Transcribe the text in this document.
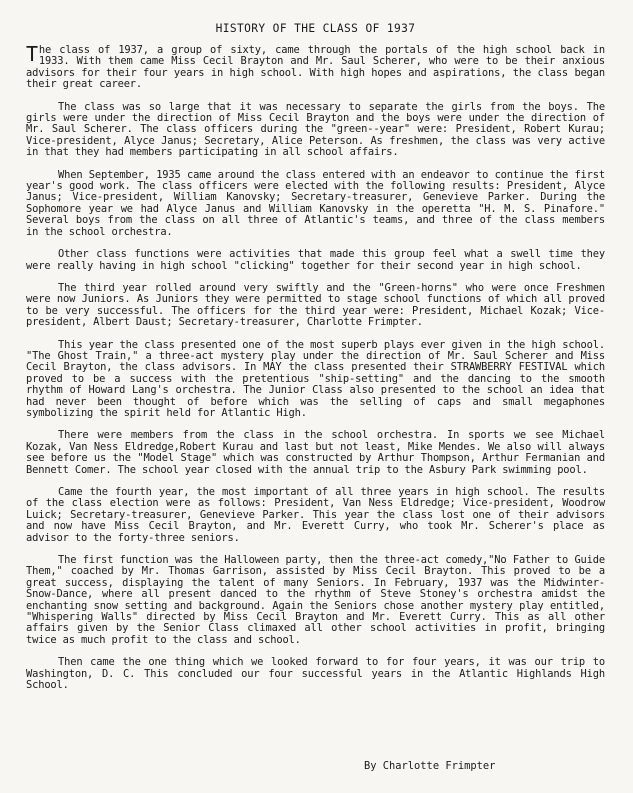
HISTORY OF THE CLASS OF 1937

The class of 1937, a group of sixty, came through the portals of the high school back in 1933. With them came Miss Cecil Brayton and Mr. Saul Scherer, who were to be their anxious advisors for their four years in high school. With high hopes and aspirations, the class began their great career.

The class was so large that it was necessary to separate the girls from the boys. The girls were under the direction of Miss Cecil Brayton and the boys were under the direction of Mr. Saul Scherer. The class officers during the "green--year" were: President, Robert Kurau; Vice-president, Alyce Janus; Secretary, Alice Peterson. As freshmen, the class was very active in that they had members participating in all school affairs.

When September, 1935 came around the class entered with an endeavor to continue the first year's good work. The class officers were elected with the following results: President, Alyce Janus; Vice-president, William Kanovsky; Secretary-treasurer, Genevieve Parker. During the Sophomore year we had Alyce Janus and William Kanovsky in the operetta "H. M. S. Pinafore." Several boys from the class on all three of Atlantic's teams, and three of the class members in the school orchestra.

Other class functions were activities that made this group feel what a swell time they were really having in high school "clicking" together for their second year in high school.

The third year rolled around very swiftly and the "Green-horns" who were once Freshmen were now Juniors. As Juniors they were permitted to stage school functions of which all proved to be very successful. The officers for the third year were: President, Michael Kozak; Vice-president, Albert Daust; Secretary-treasurer, Charlotte Frimpter.

This year the class presented one of the most superb plays ever given in the high school. "The Ghost Train," a three-act mystery play under the direction of Mr. Saul Scherer and Miss Cecil Brayton, the class advisors. In MAY the class presented their STRAWBERRY FESTIVAL which proved to be a success with the pretentious "ship-setting" and the dancing to the smooth rhythm of Howard Lang's orchestra. The Junior Class also presented to the school an idea that had never been thought of before which was the selling of caps and small megaphones symbolizing the spirit held for Atlantic High.

There were members from the class in the school orchestra. In sports we see Michael Kozak, Van Ness Eldredge,Robert Kurau and last but not least, Mike Mendes. We also will always see before us the "Model Stage" which was constructed by Arthur Thompson, Arthur Fermanian and Bennett Comer. The school year closed with the annual trip to the Asbury Park swimming pool.

Came the fourth year, the most important of all three years in high school. The results of the class election were as follows: President, Van Ness Eldredge; Vice-president, Woodrow Luick; Secretary-treasurer, Genevieve Parker. This year the class lost one of their advisors and now have Miss Cecil Brayton, and Mr. Everett Curry, who took Mr. Scherer's place as advisor to the forty-three seniors.

The first function was the Halloween party, then the three-act comedy,"No Father to Guide Them," coached by Mr. Thomas Garrison, assisted by Miss Cecil Brayton. This proved to be a great success, displaying the talent of many Seniors. In February, 1937 was the Midwinter-Snow-Dance, where all present danced to the rhythm of Steve Stoney's orchestra amidst the enchanting snow setting and background. Again the Seniors chose another mystery play entitled, "Whispering Walls" directed by Miss Cecil Brayton and Mr. Everett Curry. This as all other affairs given by the Senior Class climaxed all other school activities in profit, bringing twice as much profit to the class and school.

Then came the one thing which we looked forward to for four years, it was our trip to Washington, D. C. This concluded our four successful years in the Atlantic Highlands High School.

By Charlotte Frimpter
